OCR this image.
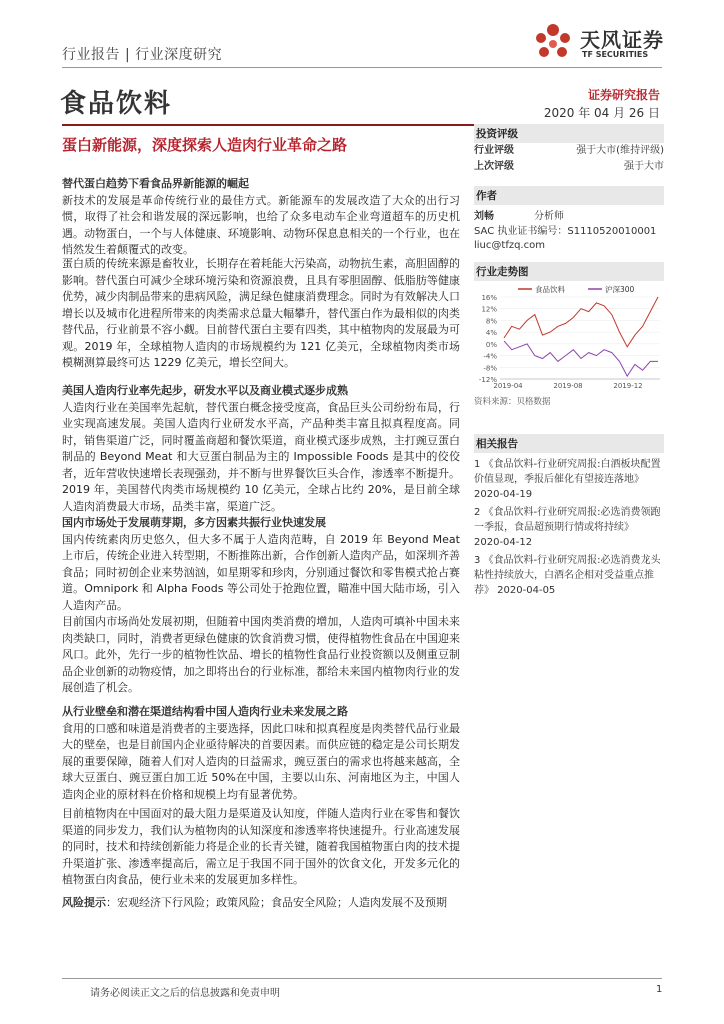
行业报告 | 行业深度研究
天风证券
TF SECURITIES
食品饮料	证券研究报告
2020 年 04 月 26 日
蛋白新能源，深度探索人造肉行业革命之路

替代蛋白趋势下看食品界新能源的崛起

新技术的发展是革命传统行业的最佳方式。新能源车的发展改造了大众的出行习惯，取得了社会和谐发展的深远影响，也给了众多电动车企业弯道超车的历史机遇。动物蛋白，一个与人体健康、环境影响、动物环保息息相关的一个行业，也在悄然发生着颠覆式的改变。

蛋白质的传统来源是畜牧业，长期存在着耗能大污染高，动物抗生素，高胆固醇的影响。替代蛋白可减少全球环境污染和资源浪费，且具有零胆固醇、低脂肪等健康优势，减少肉制品带来的患病风险，满足绿色健康消费理念。同时为有效解决人口增长以及城市化进程所带来的肉类需求总量大幅攀升，替代蛋白作为最相似的肉类替代品，行业前景不容小觑。目前替代蛋白主要有四类，其中植物肉的发展最为可观。2019 年，全球植物人造肉的市场规模约为 121 亿美元，全球植物肉类市场模糊测算最终可达 1229 亿美元，增长空间大。

美国人造肉行业率先起步，研发水平以及商业模式逐步成熟

人造肉行业在美国率先起航，替代蛋白概念接受度高，食品巨头公司纷纷布局，行业实现高速发展。美国人造肉行业研发水平高，产品种类丰富且拟真程度高。同时，销售渠道广泛，同时覆盖商超和餐饮渠道，商业模式逐步成熟，主打豌豆蛋白制品的 Beyond Meat 和大豆蛋白制品为主的 Impossible Foods 是其中的佼佼者，近年营收快速增长表现强劲，并不断与世界餐饮巨头合作，渗透率不断提升。2019 年，美国替代肉类市场规模约 10 亿美元，全球占比约 20%，是目前全球人造肉消费最大市场，品类丰富，渠道广泛。

国内市场处于发展萌芽期，多方因素共振行业快速发展

国内传统素肉历史悠久，但大多不属于人造肉范畴，自 2019 年 Beyond Meat 上市后，传统企业进入转型期，不断推陈出新，合作创新人造肉产品，如深圳齐善食品；同时初创企业来势汹汹，如星期零和珍肉，分别通过餐饮和零售模式抢占赛道。Omnipork 和 Alpha Foods 等公司处于抢跑位置，瞄准中国大陆市场，引入人造肉产品。

目前国内市场尚处发展初期，但随着中国肉类消费的增加，人造肉可填补中国未来肉类缺口，同时，消费者更绿色健康的饮食消费习惯，使得植物性食品在中国迎来风口。此外，先行一步的植物性饮品、增长的植物性食品行业投资额以及侧重豆制品企业创新的动物疫情，加之即将出台的行业标准，都给未来国内植物肉行业的发展创造了机会。

从行业壁垒和潜在渠道结构看中国人造肉行业未来发展之路

食用的口感和味道是消费者的主要选择，因此口味和拟真程度是肉类替代品行业最大的壁垒，也是目前国内企业亟待解决的首要因素。而供应链的稳定是公司长期发展的重要保障，随着人们对人造肉的日益需求，豌豆蛋白的需求也将越来越高，全球大豆蛋白、豌豆蛋白加工近 50%在中国，主要以山东、河南地区为主，中国人造肉企业的原材料在价格和规模上均有显著优势。

目前植物肉在中国面对的最大阻力是渠道及认知度，伴随人造肉行业在零售和餐饮渠道的同步发力，我们认为植物肉的认知深度和渗透率将快速提升。行业高速发展的同时，技术和持续创新能力将是企业的长青关键，随着我国植物蛋白肉的技术提升渠道扩张、渗透率提高后，需立足于我国不同于国外的饮食文化，开发多元化的植物蛋白肉食品，使行业未来的发展更加多样性。

风险提示：宏观经济下行风险；政策风险；食品安全风险；人造肉发展不及预期

投资评级
行业评级	强于大市(维持评级)
上次评级	强于大市
作者
刘畅	分析师
SAC 执业证书编号：S1110520010001
liuc@tfzq.com
行业走势图
16%
12%
8%
4%
0%
-4%
-8%
-12%
2019-04	2019-08	2019-12
食品饮料	沪深300
资料来源：贝格数据
相关报告

1 《食品饮料-行业研究周报:白酒板块配置价值显现，季报后催化有望接连落地》 2020-04-19

2 《食品饮料-行业研究周报:必选消费领跑一季报，食品超预期行情或将持续》 2020-04-12

3 《食品饮料-行业研究周报:必选消费龙头粘性持续放大，白酒名企相对受益重点推荐》 2020-04-05

请务必阅读正文之后的信息披露和免责申明	1
